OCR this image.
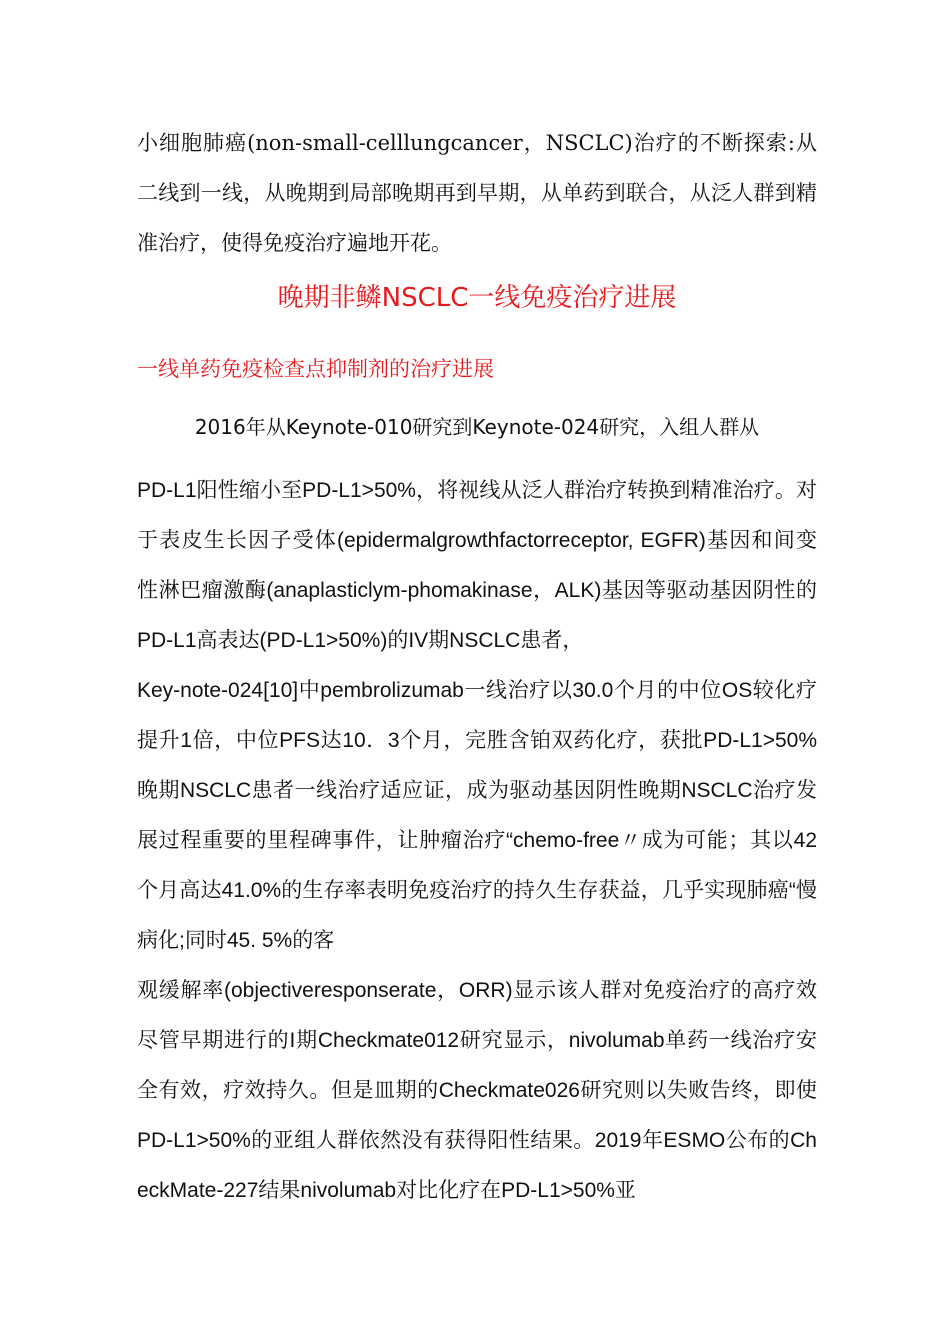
小细胞肺癌(non-small-celllungcancer，NSCLC)治疗的不断探索:从二线到一线，从晚期到局部晚期再到早期，从单药到联合，从泛人群到精准治疗，使得免疫治疗遍地开花。

晚期非鳞NSCLC一线免疫治疗进展
一线单药免疫检查点抑制剂的治疗进展

2016年从Keynote-010研究到Keynote-024研究，入组人群从

PD-L1阳性缩小至PD-L1>50%，将视线从泛人群治疗转换到精准治疗。对于表皮生长因子受体(epidermalgrowthfactorreceptor, EGFR)基因和间变性淋巴瘤激酶(anaplasticlym-phomakinase，ALK)基因等驱动基因阴性的PD-L1高表达(PD-L1>50%)的IV期NSCLC患者，

Key-note-024[10]中pembrolizumab一线治疗以30.0个月的中位OS较化疗提升1倍，中位PFS达10．3个月，完胜含铂双药化疗，获批PD-L1>50%晚期NSCLC患者一线治疗适应证，成为驱动基因阴性晚期NSCLC治疗发展过程重要的里程碑事件，让肿瘤治疗“chemo-free〃成为可能；其以42个月高达41.0%的生存率表明免疫治疗的持久生存获益，几乎实现肺癌“慢病化;同时45. 5%的客

观缓解率(objectiveresponserate，ORR)显示该人群对免疫治疗的高疗效尽管早期进行的I期Checkmate012研究显示，nivolumab单药一线治疗安全有效，疗效持久。但是皿期的Checkmate026研究则以失败告终，即使PD-L1>50%的亚组人群依然没有获得阳性结果。2019年ESMO公布的CheckMate-227结果nivolumab对比化疗在PD-L1>50%亚
